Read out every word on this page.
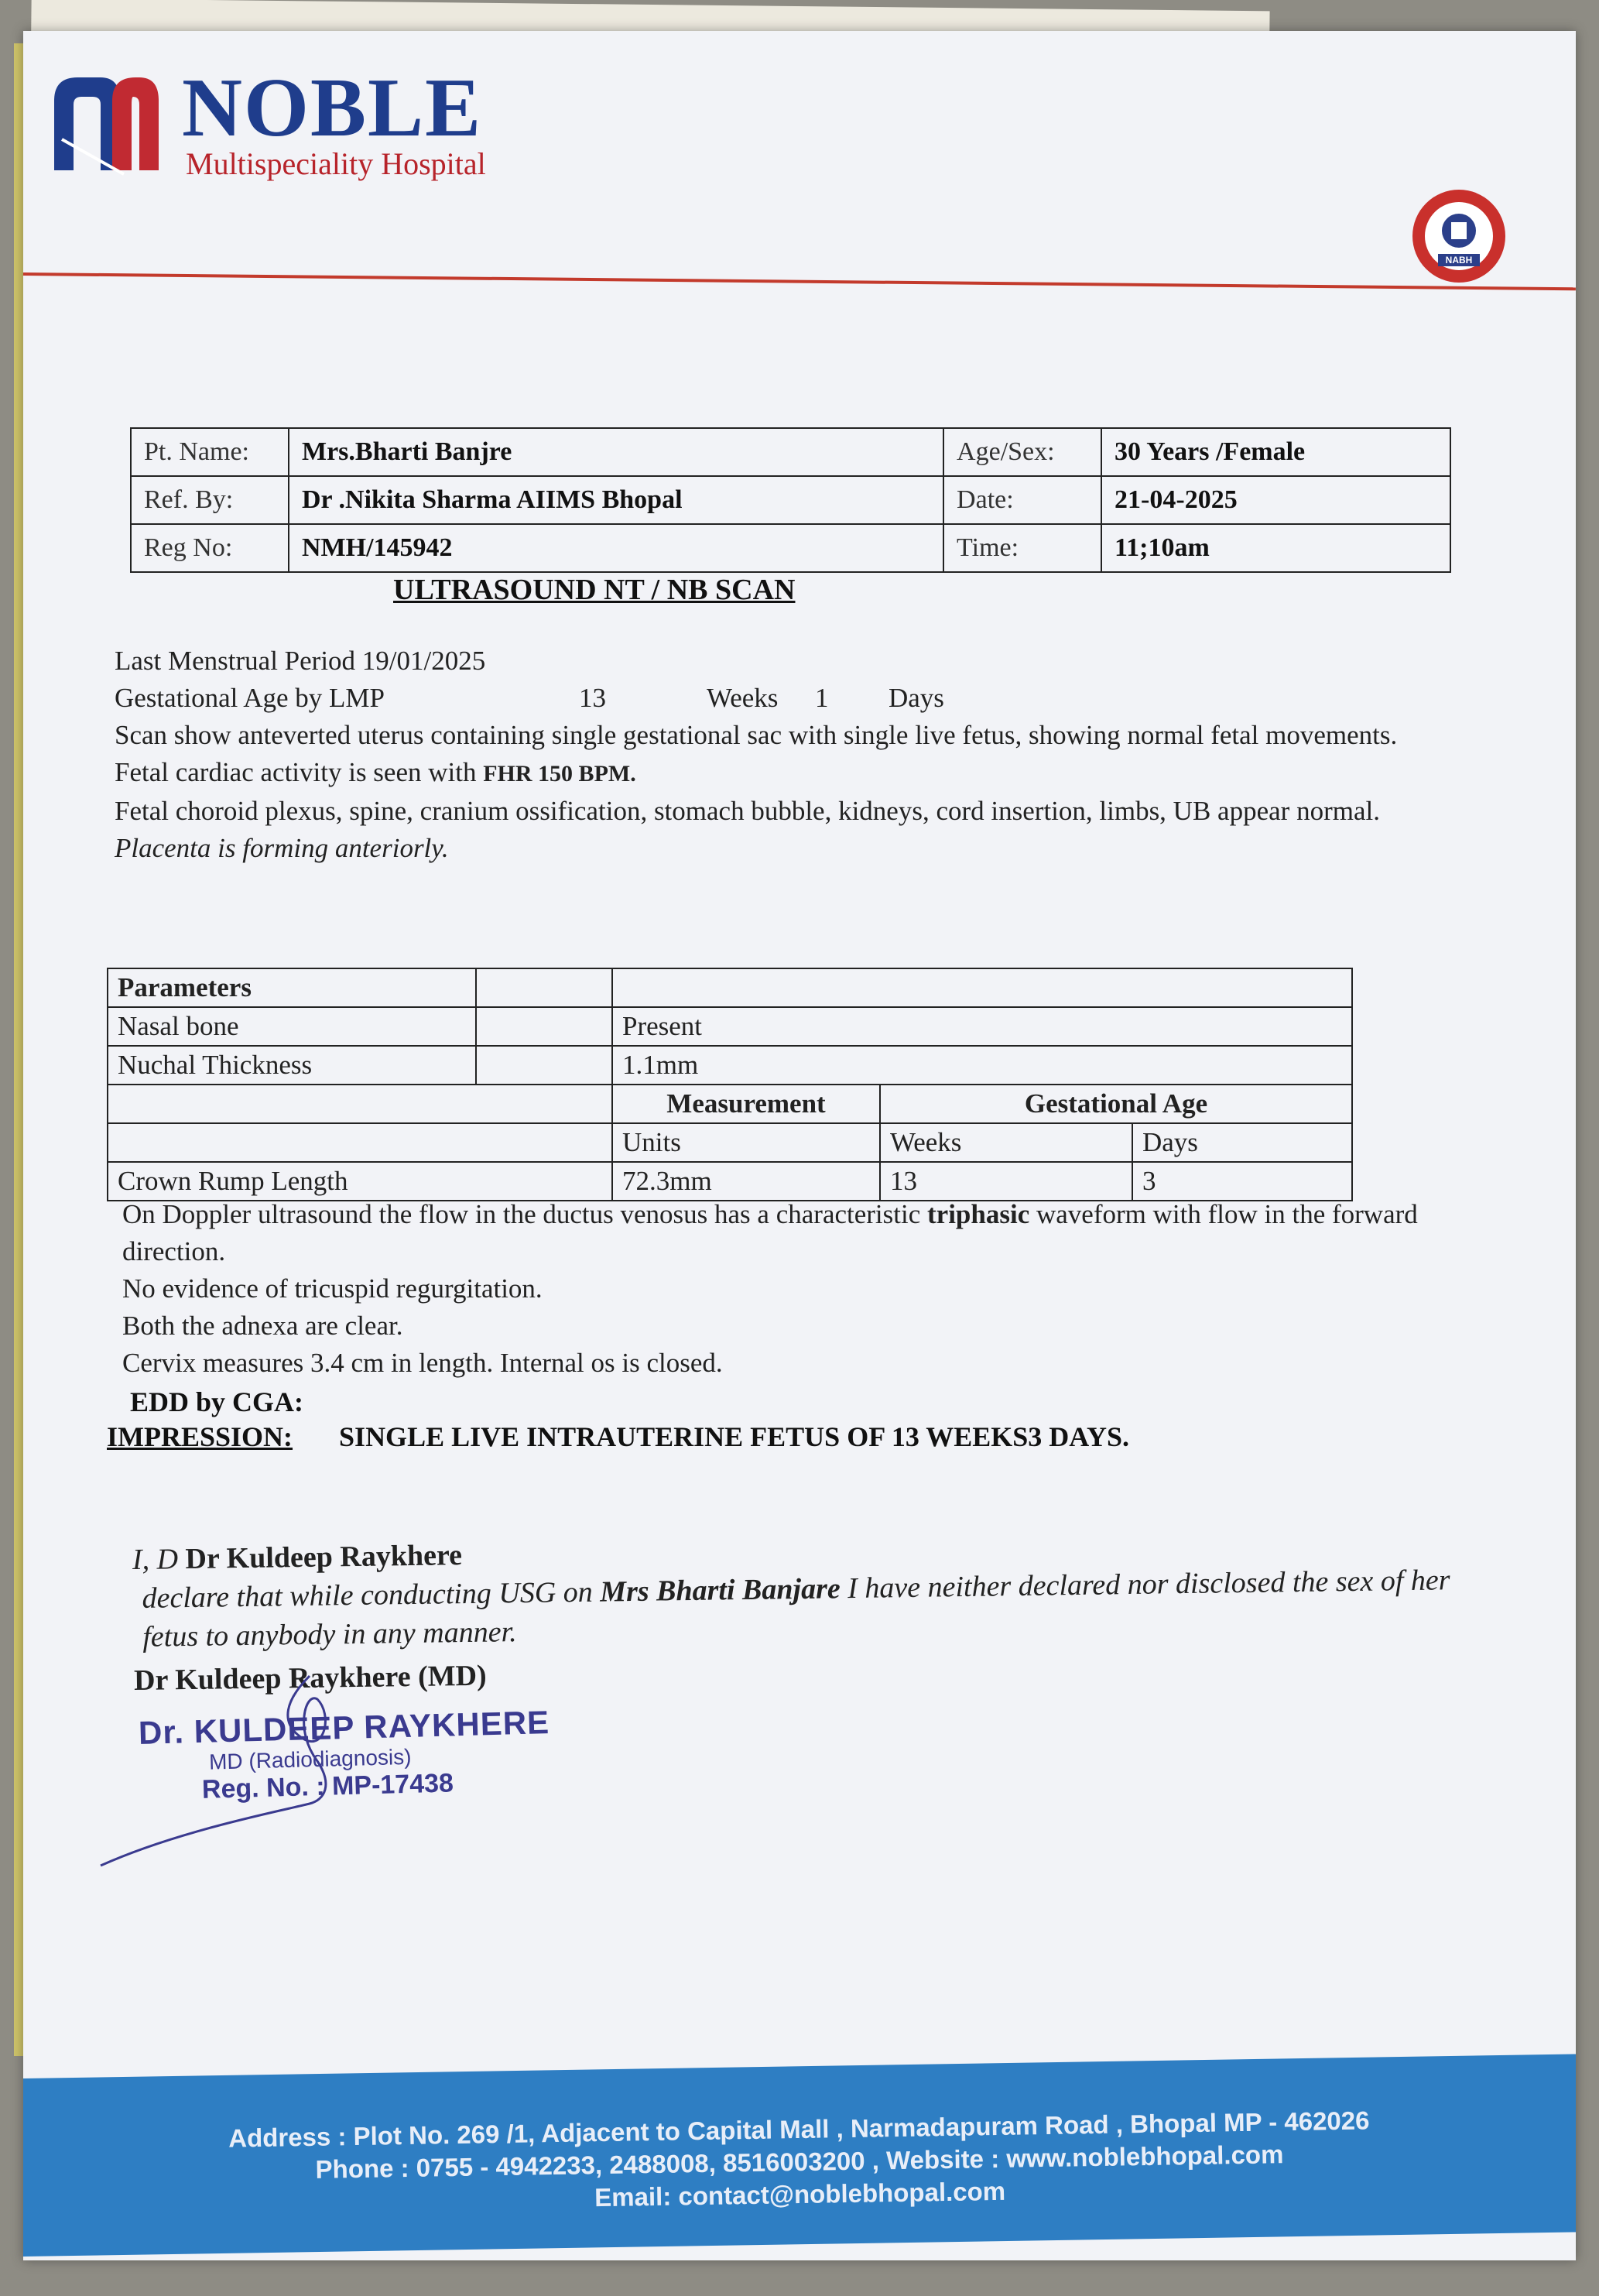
NOBLE
Multispeciality Hospital
NABH
Pt. Name:	Mrs.Bharti Banjre	Age/Sex:	30 Years /Female
Ref. By:	Dr .Nikita Sharma AIIMS Bhopal	Date:	21-04-2025
Reg No:	NMH/145942	Time:	11;10am
ULTRASOUND NT / NB SCAN

Last Menstrual Period 19/01/2025

Gestational Age by LMP	13	Weeks 1 Days

Scan show anteverted uterus containing single gestational sac with single live fetus, showing normal fetal movements.

Fetal cardiac activity is seen with FHR 150 BPM.

Fetal choroid plexus, spine, cranium ossification, stomach bubble, kidneys, cord insertion, limbs, UB appear normal.

Placenta is forming anteriorly.

Parameters				
Nasal bone		Present		
Nuchal Thickness		1.1mm		
		Measurement	Gestational Age	
		Units	Weeks	Days
Crown Rump Length		72.3mm	13	3

On Doppler ultrasound the flow in the ductus venosus has a characteristic triphasic waveform with flow in the forward direction.

No evidence of tricuspid regurgitation.

Both the adnexa are clear.

Cervix measures 3.4 cm in length. Internal os is closed.

EDD by CGA:
IMPRESSION: SINGLE LIVE INTRAUTERINE FETUS OF 13 WEEKS3 DAYS.

I, D Dr Kuldeep Raykhere

declare that while conducting USG on Mrs Bharti Banjare I have neither declared nor disclosed the sex of her fetus to anybody in any manner.

Dr Kuldeep Raykhere (MD)

Dr. KULDEEP RAYKHERE
MD (Radiodiagnosis)
Reg. No. : MP-17438

Address : Plot No. 269 /1, Adjacent to Capital Mall , Narmadapuram Road , Bhopal MP - 462026

Phone : 0755 - 4942233, 2488008, 8516003200 , Website : www.noblebhopal.com

Email: contact@noblebhopal.com
